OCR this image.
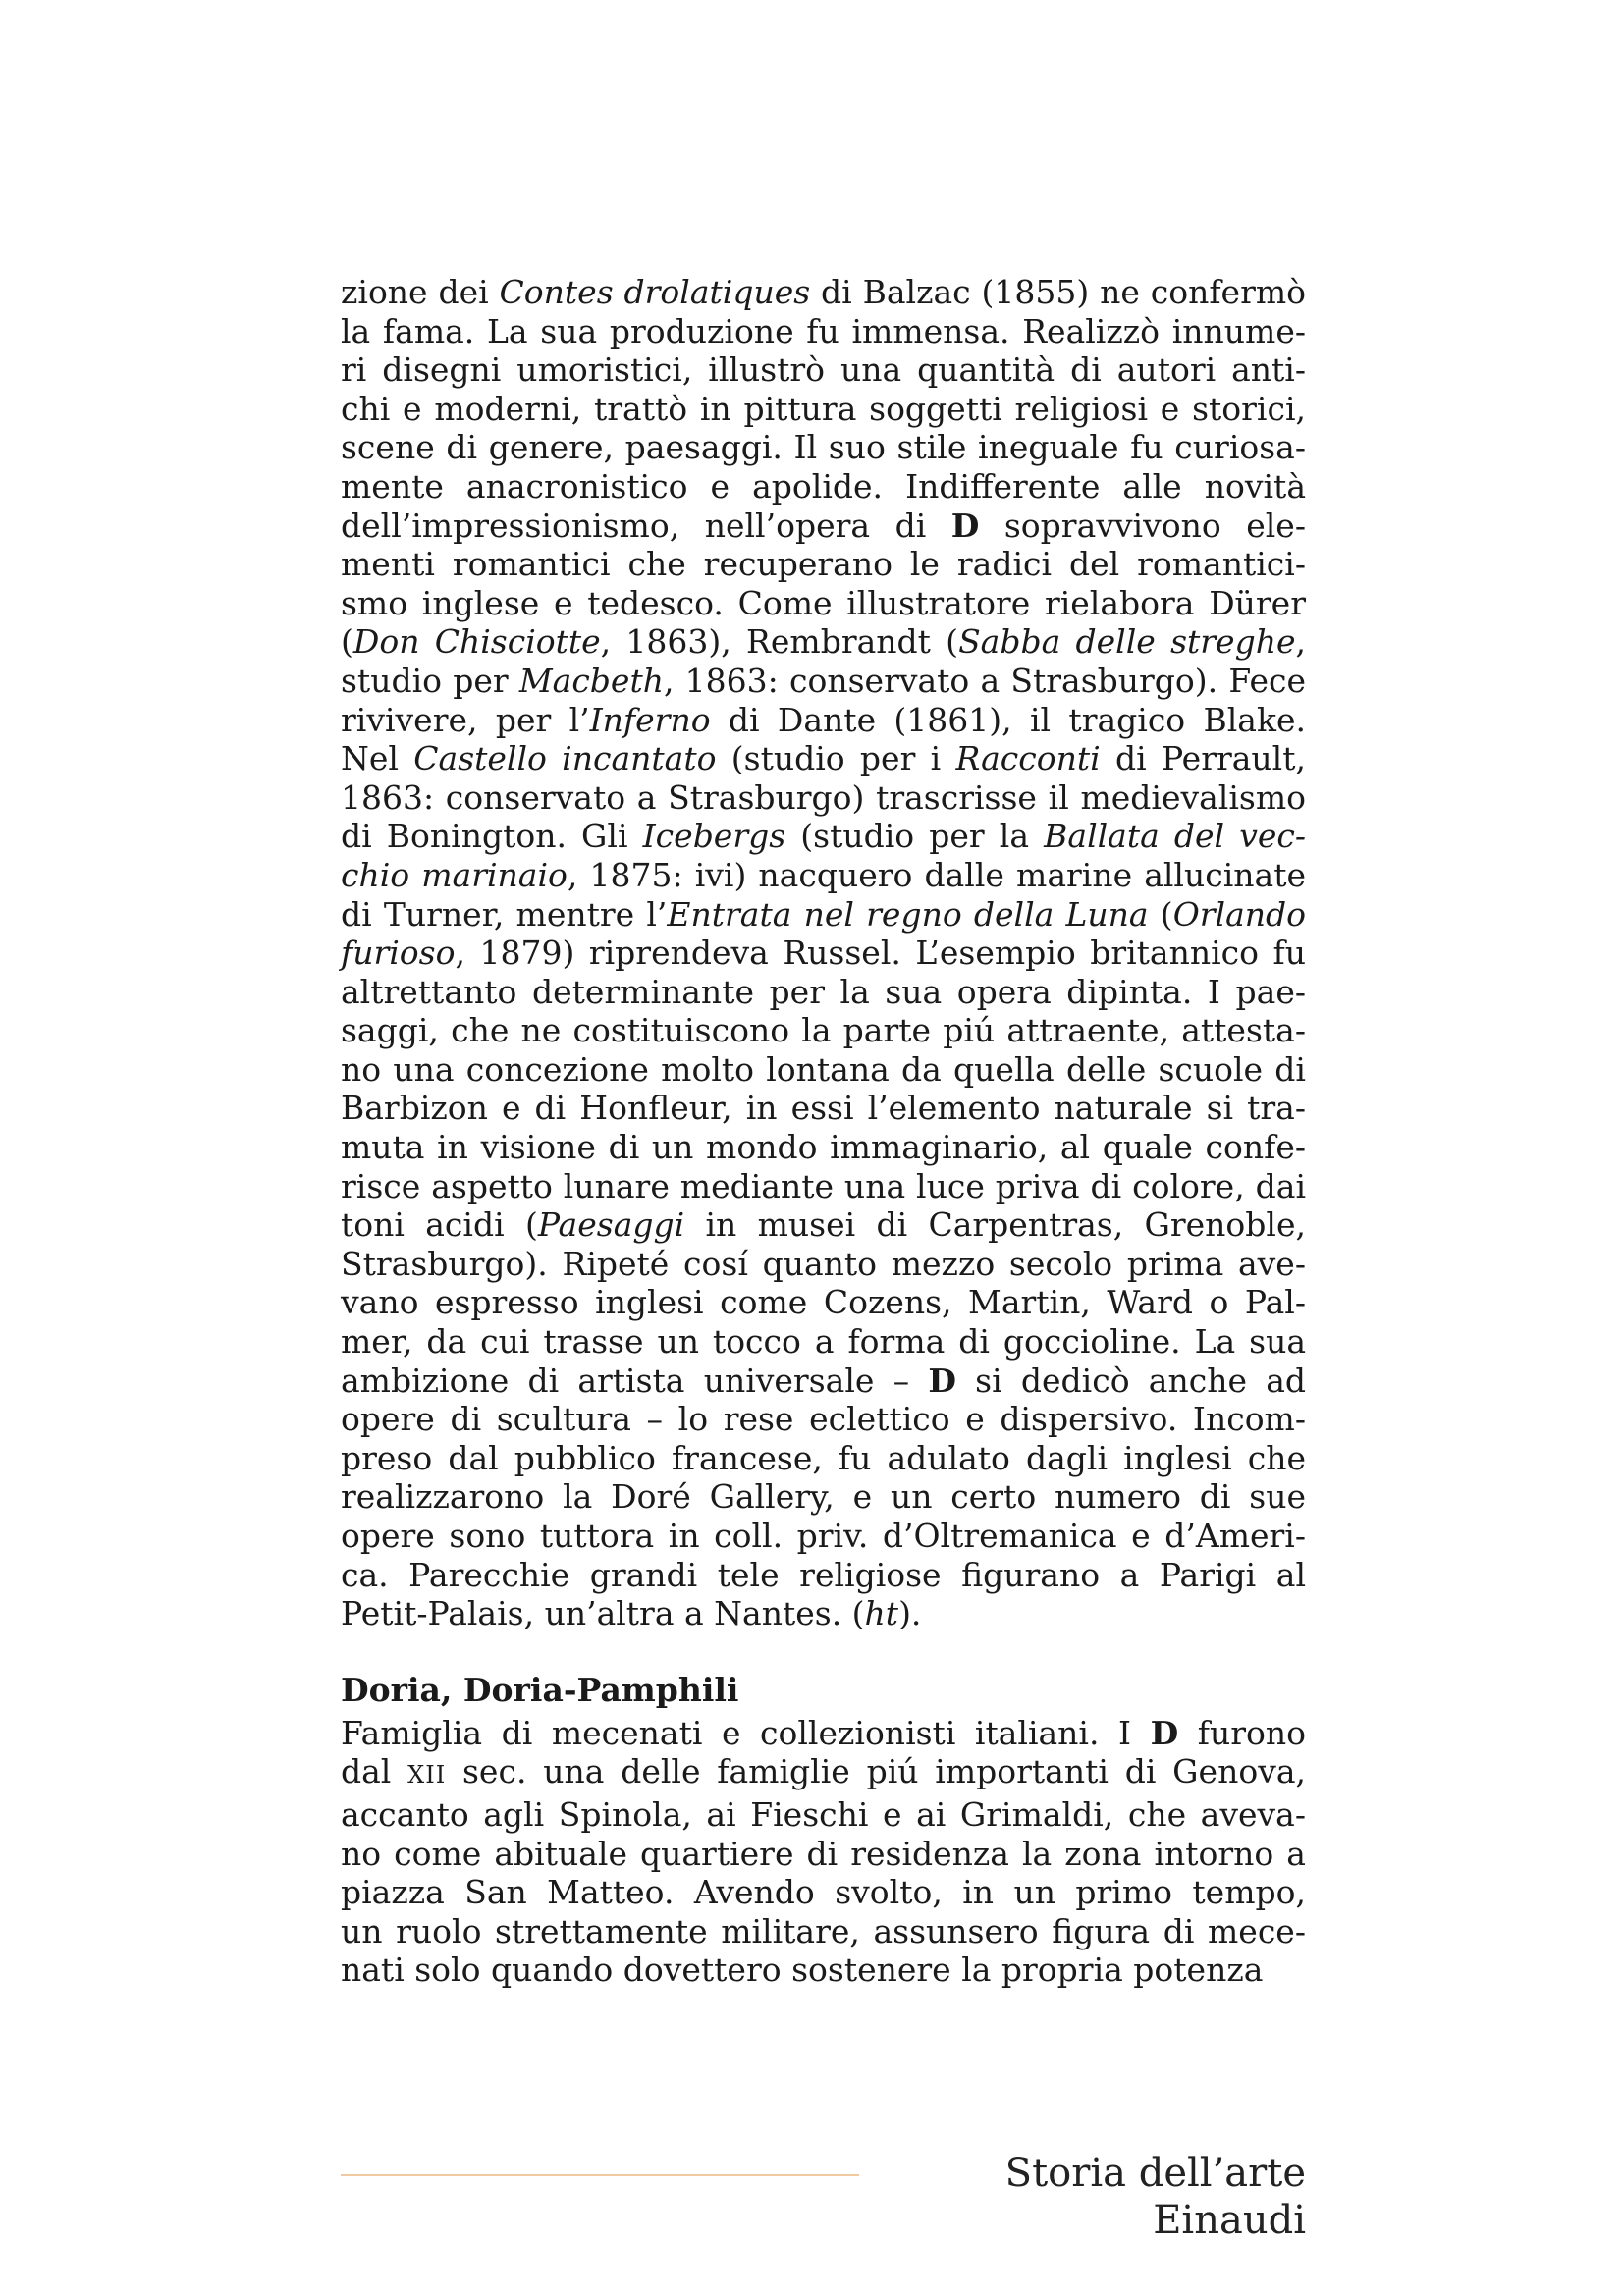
zione dei Contes drolatiques di Balzac (1855) ne confermò
la fama. La sua produzione fu immensa. Realizzò innume-
ri disegni umoristici, illustrò una quantità di autori anti-
chi e moderni, trattò in pittura soggetti religiosi e storici,
scene di genere, paesaggi. Il suo stile ineguale fu curiosa-
mente anacronistico e apolide. Indifferente alle novità
dell’impressionismo, nell’opera di D sopravvivono ele-
menti romantici che recuperano le radici del romantici-
smo inglese e tedesco. Come illustratore rielabora Dürer
(Don Chisciotte, 1863), Rembrandt (Sabba delle streghe,
studio per Macbeth, 1863: conservato a Strasburgo). Fece
rivivere, per l’Inferno di Dante (1861), il tragico Blake.
Nel Castello incantato (studio per i Racconti di Perrault,
1863: conservato a Strasburgo) trascrisse il medievalismo
di Bonington. Gli Icebergs (studio per la Ballata del vec-
chio marinaio, 1875: ivi) nacquero dalle marine allucinate
di Turner, mentre l’Entrata nel regno della Luna (Orlando
furioso, 1879) riprendeva Russel. L’esempio britannico fu
altrettanto determinante per la sua opera dipinta. I pae-
saggi, che ne costituiscono la parte piú attraente, attesta-
no una concezione molto lontana da quella delle scuole di
Barbizon e di Honfleur, in essi l’elemento naturale si tra-
muta in visione di un mondo immaginario, al quale confe-
risce aspetto lunare mediante una luce priva di colore, dai
toni acidi (Paesaggi in musei di Carpentras, Grenoble,
Strasburgo). Ripeté cosí quanto mezzo secolo prima ave-
vano espresso inglesi come Cozens, Martin, Ward o Pal-
mer, da cui trasse un tocco a forma di goccioline. La sua
ambizione di artista universale – D si dedicò anche ad
opere di scultura – lo rese eclettico e dispersivo. Incom-
preso dal pubblico francese, fu adulato dagli inglesi che
realizzarono la Doré Gallery, e un certo numero di sue
opere sono tuttora in coll. priv. d’Oltremanica e d’Ameri-
ca. Parecchie grandi tele religiose figurano a Parigi al
Petit-Palais, un’altra a Nantes. (ht).

Doria, Doria-Pamphili

Famiglia di mecenati e collezionisti italiani. I D furono
dal XII sec. una delle famiglie piú importanti di Genova,
accanto agli Spinola, ai Fieschi e ai Grimaldi, che aveva-
no come abituale quartiere di residenza la zona intorno a
piazza San Matteo. Avendo svolto, in un primo tempo,
un ruolo strettamente militare, assunsero figura di mece-
nati solo quando dovettero sostenere la propria potenza

Storia dell’arte Einaudi
